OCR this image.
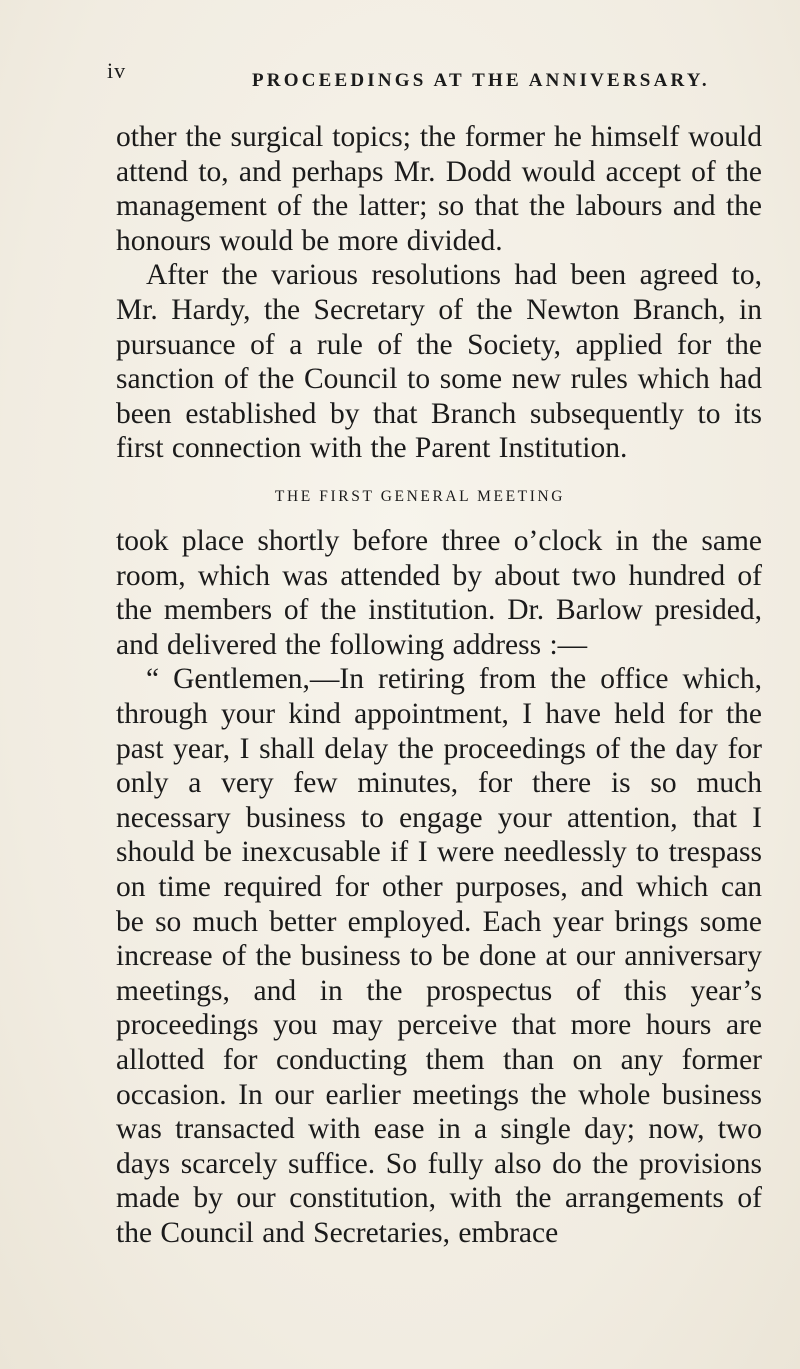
iv	PROCEEDINGS AT THE ANNIVERSARY.

other the surgical topics; the former he himself would attend to, and perhaps Mr. Dodd would accept of the management of the latter; so that the labours and the honours would be more divided.

After the various resolutions had been agreed to, Mr. Hardy, the Secretary of the Newton Branch, in pursuance of a rule of the Society, applied for the sanction of the Council to some new rules which had been established by that Branch subsequently to its first connection with the Parent Institution.

THE FIRST GENERAL MEETING

took place shortly before three o’clock in the same room, which was attended by about two hundred of the members of the institution. Dr. Barlow presided, and delivered the following address :—

“ Gentlemen,—In retiring from the office which, through your kind appointment, I have held for the past year, I shall delay the proceedings of the day for only a very few minutes, for there is so much necessary business to engage your attention, that I should be inexcusable if I were needlessly to trespass on time required for other purposes, and which can be so much better employed. Each year brings some increase of the business to be done at our anniversary meetings, and in the prospectus of this year’s proceedings you may perceive that more hours are allotted for conducting them than on any former occasion. In our earlier meetings the whole business was transacted with ease in a single day; now, two days scarcely suffice. So fully also do the provisions made by our constitution, with the arrangements of the Council and Secretaries, embrace
